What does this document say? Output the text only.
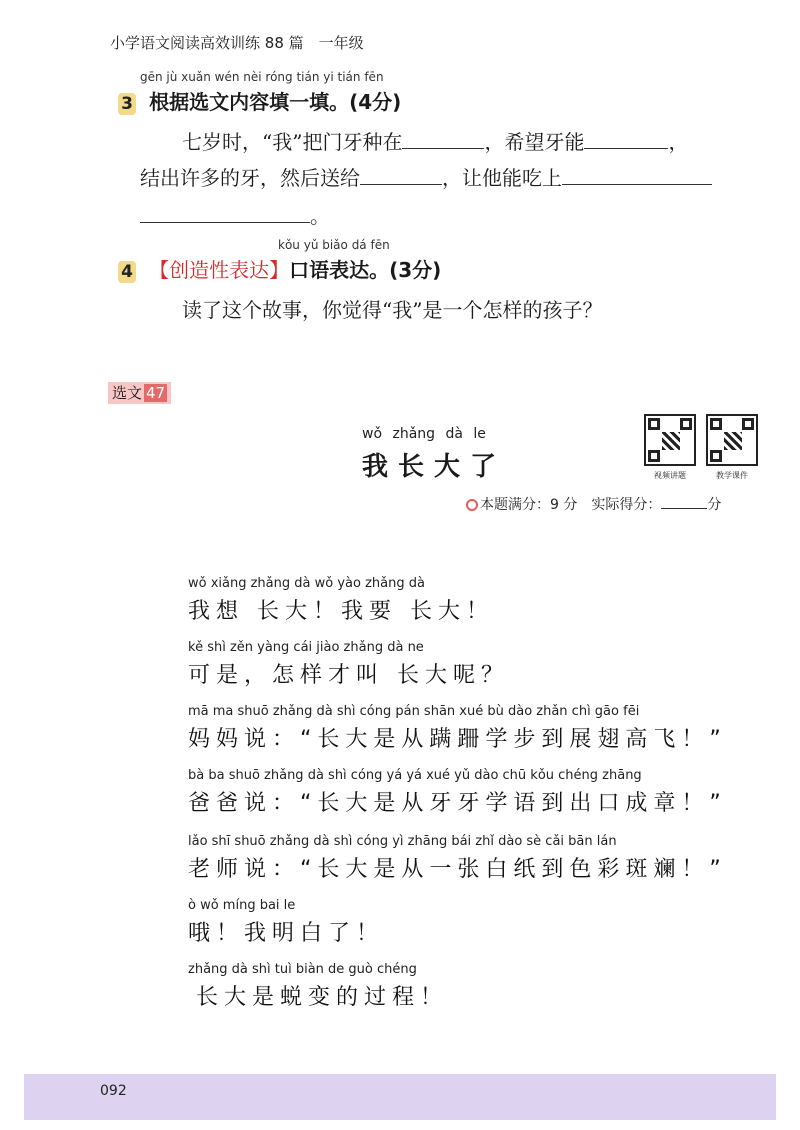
小学语文阅读高效训练 88 篇　一年级
gēn jù xuǎn wén nèi róng tián yi tián fēn
3 根据选文内容填一填。(4分)
七岁时，“我”把门牙种在	，希望牙能	，
结出许多的牙，然后送给	，让他能吃上
。
kǒu yǔ biǎo dá fēn
4 【创造性表达】口语表达。(3分)
读了这个故事，你觉得“我”是一个怎样的孩子？
选文 47
wǒ zhǎng dà le
我长大了	视频讲题	教学课件
本题满分：9 分　实际得分：	分
wǒ xiǎng zhǎng dà wǒ yào zhǎng dà
我想 长大！我要 长大！
kě shì zěn yàng cái jiào zhǎng dà ne
可是，怎样才叫 长大呢？
mā ma shuō zhǎng dà shì cóng pán shān xué bù dào zhǎn chì gāo fēi
妈妈说：“长大是从蹒跚学步到展翅高飞！”
bà ba shuō zhǎng dà shì cóng yá yá xué yǔ dào chū kǒu chéng zhāng
爸爸说：“长大是从牙牙学语到出口成章！”
lǎo shī shuō zhǎng dà shì cóng yì zhāng bái zhǐ dào sè cǎi bān lán
老师说：“长大是从一张白纸到色彩斑斓！”
ò wǒ míng bai le
哦！我明白了！
zhǎng dà shì tuì biàn de guò chéng
长大是蜕变的过程！
092
